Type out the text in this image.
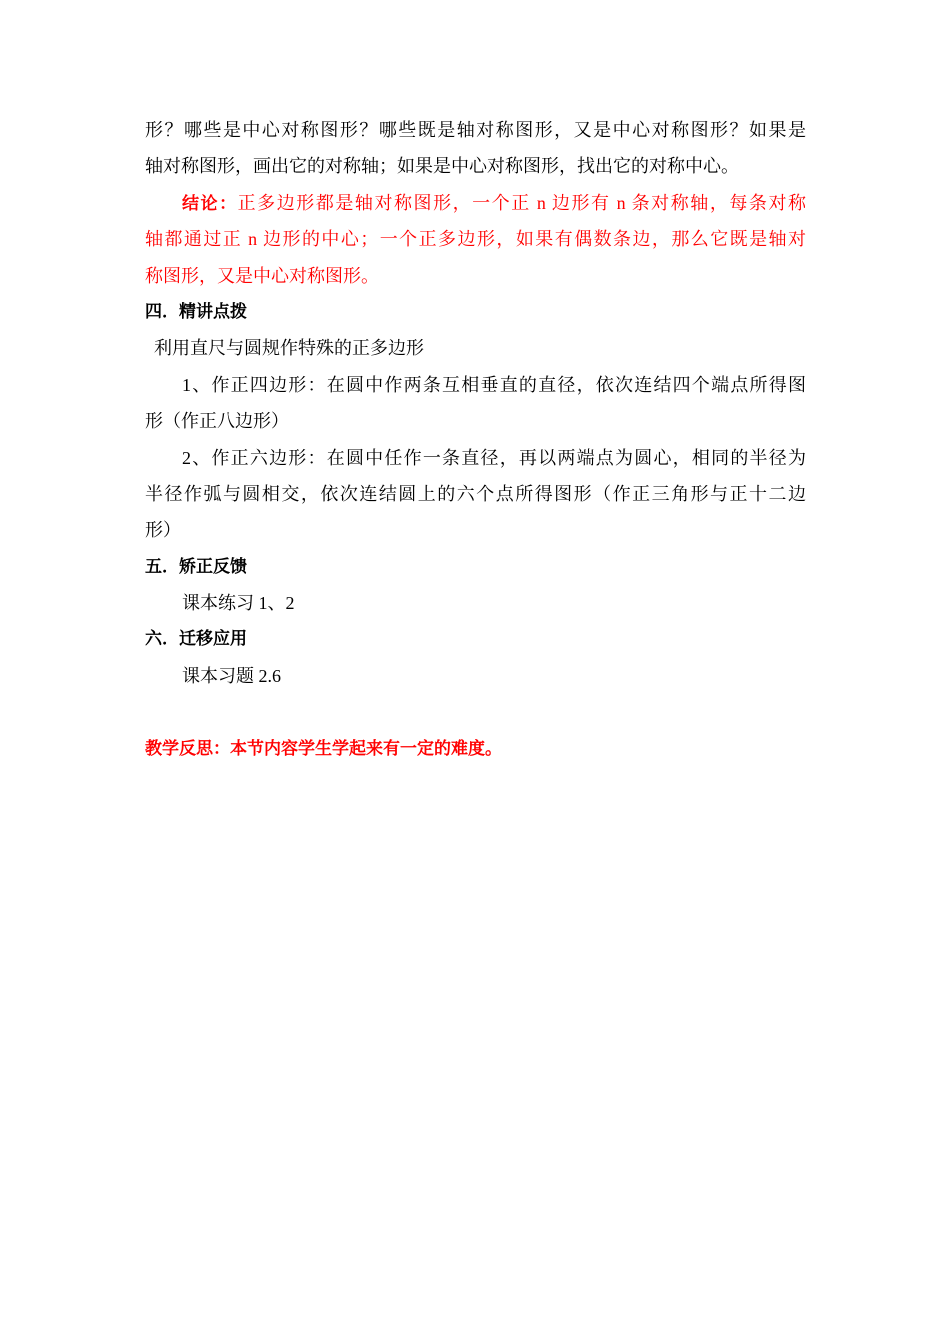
形？哪些是中心对称图形？哪些既是轴对称图形，又是中心对称图形？如果是
轴对称图形，画出它的对称轴；如果是中心对称图形，找出它的对称中心。
结论：正多边形都是轴对称图形，一个正 n 边形有 n 条对称轴，每条对称
轴都通过正 n 边形的中心；一个正多边形，如果有偶数条边，那么它既是轴对
称图形，又是中心对称图形。
四．精讲点拨
利用直尺与圆规作特殊的正多边形
1、作正四边形：在圆中作两条互相垂直的直径，依次连结四个端点所得图
形（作正八边形）
2、作正六边形：在圆中任作一条直径，再以两端点为圆心，相同的半径为
半径作弧与圆相交，依次连结圆上的六个点所得图形（作正三角形与正十二边
形）
五．矫正反馈
课本练习 1、2
六．迁移应用
课本习题 2.6
教学反思：本节内容学生学起来有一定的难度。
